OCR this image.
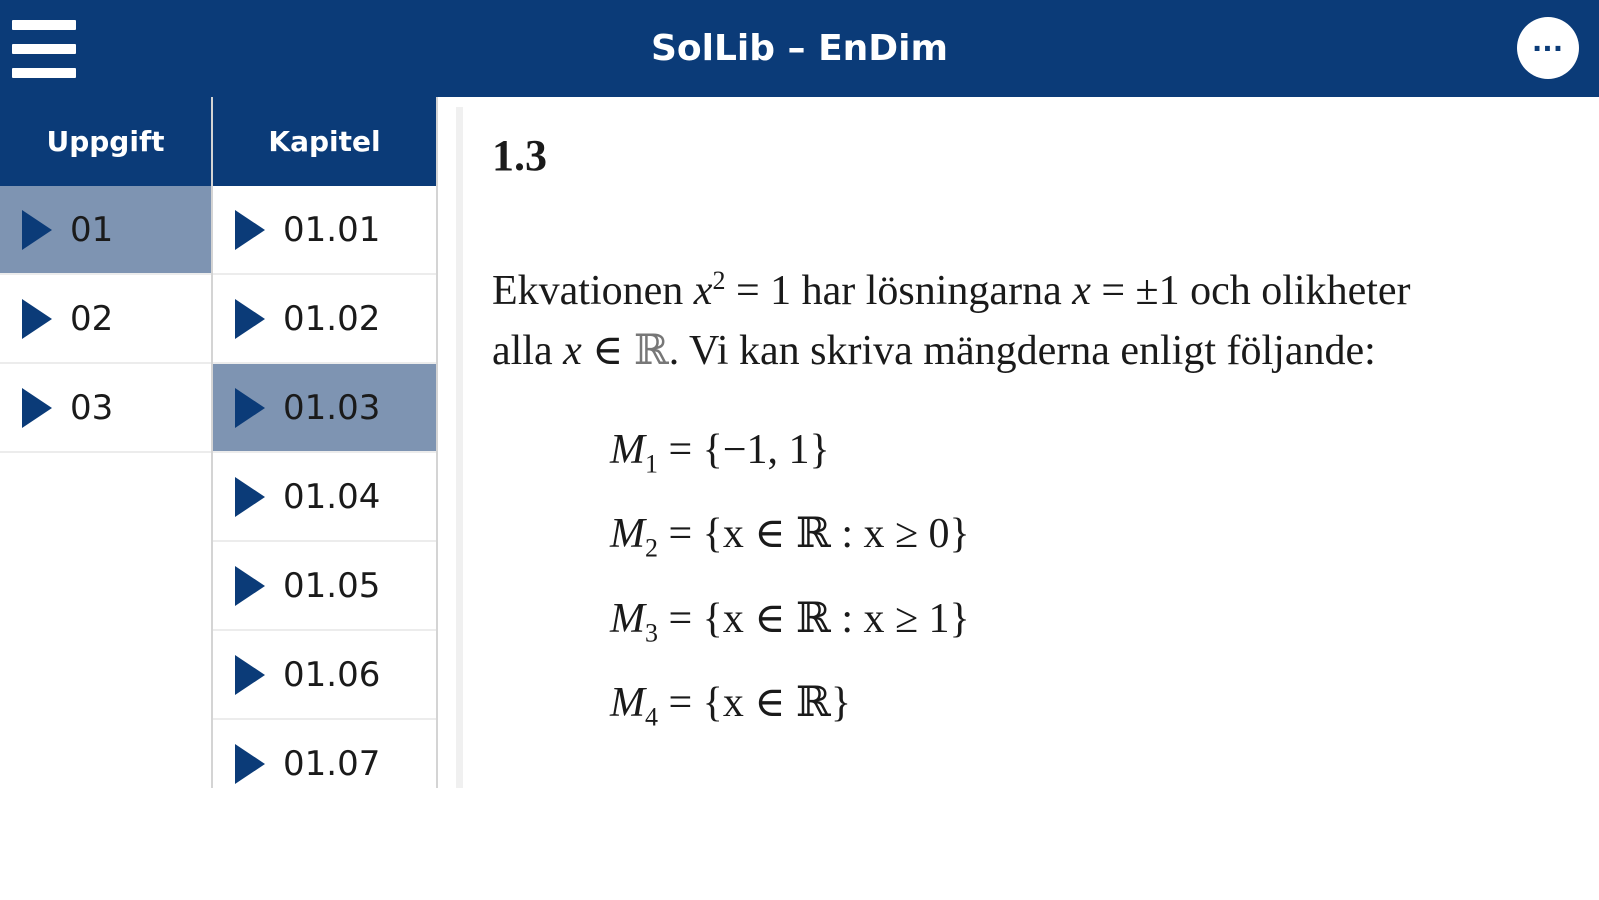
SolLib – EnDim	...
Uppgift
01
02
03
Kapitel
01.01
01.02
01.03
01.04
01.05
01.06
01.07
1.3
Ekvationen $x^2 = 1$ har lösningarna x = ±1 och olikheter
alla x ∈ ℝ. Vi kan skriva mängderna enligt följande:
$M_1 = \{-1$, 1}
$M_2 = \{x$ ∈ ℝ : x ≥ 0}
$M_3 = \{x$ ∈ ℝ : x ≥ 1}
$M_4 = \{x$ ∈ ℝ}
